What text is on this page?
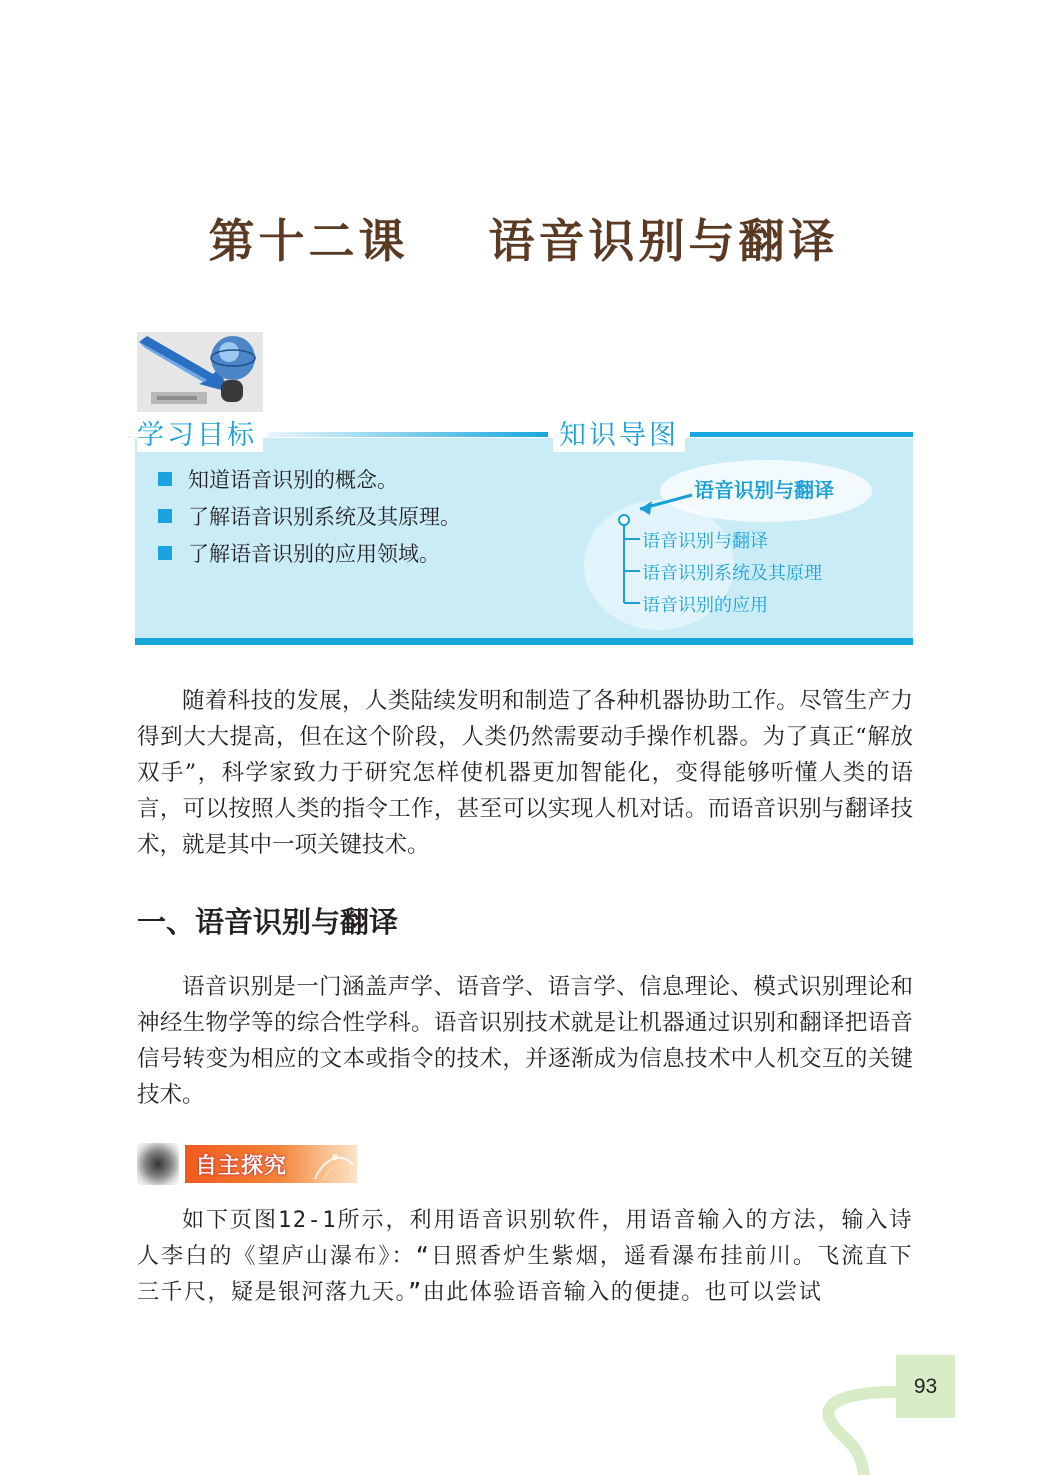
第十二课 语音识别与翻译
学习目标	知识导图
知道语音识别的概念。
了解语音识别系统及其原理。
了解语音识别的应用领域。
语音识别与翻译
语音识别与翻译
语音识别系统及其原理
语音识别的应用

随着科技的发展，人类陆续发明和制造了各种机器协助工作。尽管生产力得到大大提高，但在这个阶段，人类仍然需要动手操作机器。为了真正“解放双手”，科学家致力于研究怎样使机器更加智能化，变得能够听懂人类的语言，可以按照人类的指令工作，甚至可以实现人机对话。而语音识别与翻译技术，就是其中一项关键技术。

一、语音识别与翻译

语音识别是一门涵盖声学、语音学、语言学、信息理论、模式识别理论和神经生物学等的综合性学科。语音识别技术就是让机器通过识别和翻译把语音信号转变为相应的文本或指令的技术，并逐渐成为信息技术中人机交互的关键技术。

自主探究

如下页图12-1所示，利用语音识别软件，用语音输入的方法，输入诗人李白的《望庐山瀑布》：“日照香炉生紫烟，遥看瀑布挂前川。飞流直下三千尺，疑是银河落九天。”由此体验语音输入的便捷。也可以尝试

93
